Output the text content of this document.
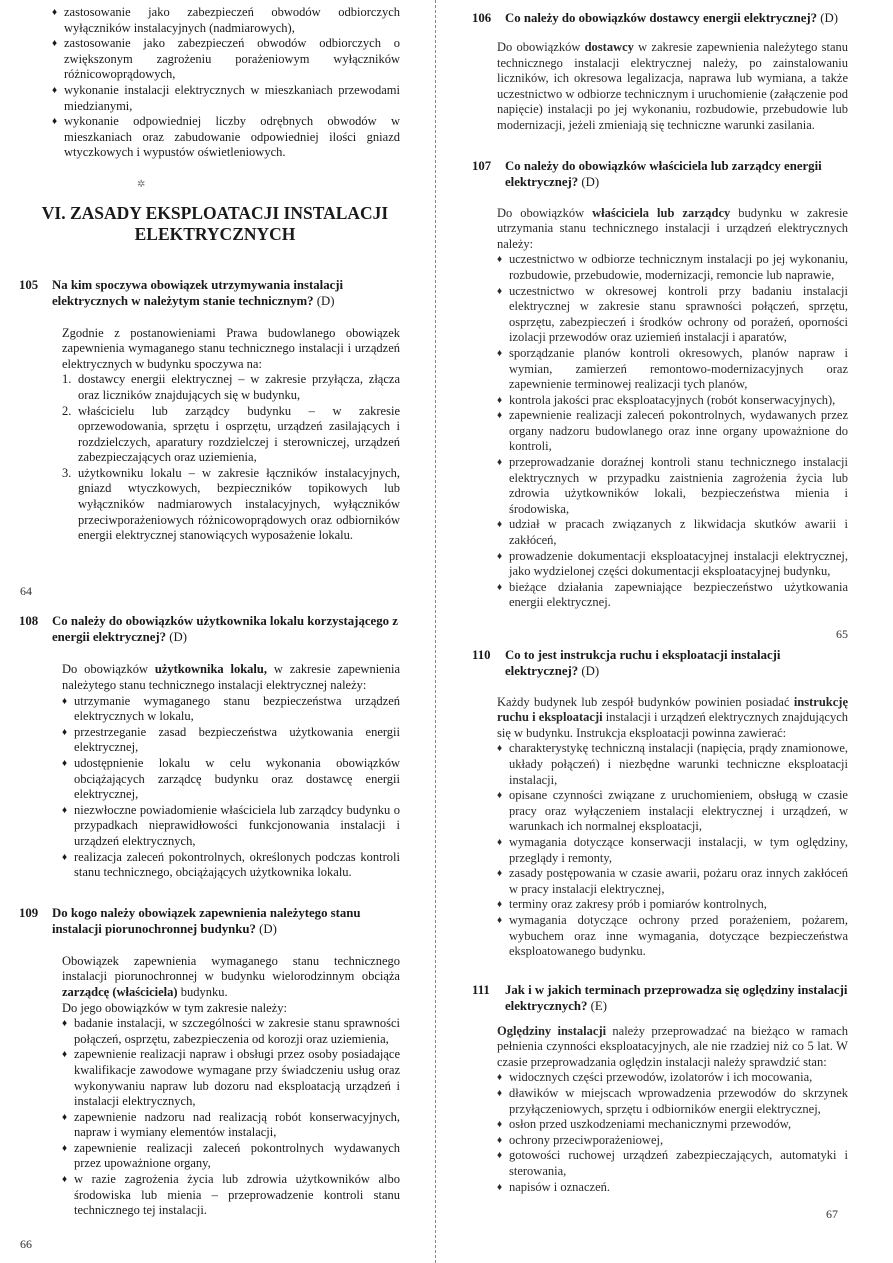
♦ zastosowanie jako zabezpieczeń obwodów odbiorczych wyłączników instalacyjnych (nadmiarowych),
♦ zastosowanie jako zabezpieczeń obwodów odbiorczych o zwiększonym zagrożeniu porażeniowym wyłączników różnicowoprądowych,
♦ wykonanie instalacji elektrycznych w mieszkaniach przewodami miedzianymi,
♦ wykonanie odpowiedniej liczby odrębnych obwodów w mieszkaniach oraz zabudowanie odpowiedniej ilości gniazd wtyczkowych i wypustów oświetleniowych.
✲
VI. ZASADY EKSPLOATACJI INSTALACJI
ELEKTRYCZNYCH
105 Na kim spoczywa obowiązek utrzymywania instalacji elektrycznych w należytym stanie technicznym? (D)

Zgodnie z postanowieniami Prawa budowlanego obowiązek zapewnienia wymaganego stanu technicznego instalacji i urządzeń elektrycznych w budynku spoczywa na:

1. dostawcy energii elektrycznej – w zakresie przyłącza, złącza oraz liczników znajdujących się w budynku,
2. właścicielu lub zarządcy budynku – w zakresie oprzewodowania, sprzętu i osprzętu, urządzeń zasilających i rozdzielczych, aparatury rozdzielczej i sterowniczej, urządzeń zabezpieczających oraz uziemienia,
3. użytkowniku lokalu – w zakresie łączników instalacyjnych, gniazd wtyczkowych, bezpieczników topikowych lub wyłączników nadmiarowych instalacyjnych, wyłączników przeciwporażeniowych różnicowoprądowych oraz odbiorników energii elektrycznej stanowiących wyposażenie lokalu.
64
108 Co należy do obowiązków użytkownika lokalu korzystającego z energii elektrycznej? (D)

Do obowiązków użytkownika lokalu, w zakresie zapewnienia należytego stanu technicznego instalacji elektrycznej należy:

♦ utrzymanie wymaganego stanu bezpieczeństwa urządzeń elektrycznych w lokalu,
♦ przestrzeganie zasad bezpieczeństwa użytkowania energii elektrycznej,
♦ udostępnienie lokalu w celu wykonania obowiązków obciążających zarządcę budynku oraz dostawcę energii elektrycznej,
♦ niezwłoczne powiadomienie właściciela lub zarządcy budynku o przypadkach nieprawidłowości funkcjonowania instalacji i urządzeń elektrycznych,
♦ realizacja zaleceń pokontrolnych, określonych podczas kontroli stanu technicznego, obciążających użytkownika lokalu.
109 Do kogo należy obowiązek zapewnienia należytego stanu instalacji piorunochronnej budynku? (D)

Obowiązek zapewnienia wymaganego stanu technicznego instalacji piorunochronnej w budynku wielorodzinnym obciąża zarządcę (właściciela) budynku.

Do jego obowiązków w tym zakresie należy:

♦ badanie instalacji, w szczególności w zakresie stanu sprawności połączeń, osprzętu, zabezpieczenia od korozji oraz uziemienia,
♦ zapewnienie realizacji napraw i obsługi przez osoby posiadające kwalifikacje zawodowe wymagane przy świadczeniu usług oraz wykonywaniu napraw lub dozoru nad eksploatacją urządzeń i instalacji elektrycznych,
♦ zapewnienie nadzoru nad realizacją robót konserwacyjnych, napraw i wymiany elementów instalacji,
♦ zapewnienie realizacji zaleceń pokontrolnych wydawanych przez upoważnione organy,
♦ w razie zagrożenia życia lub zdrowia użytkowników albo środowiska lub mienia – przeprowadzenie kontroli stanu technicznego tej instalacji.
66
106 Co należy do obowiązków dostawcy energii elektrycznej? (D)

Do obowiązków dostawcy w zakresie zapewnienia należytego stanu technicznego instalacji elektrycznej należy, po zainstalowaniu liczników, ich okresowa legalizacja, naprawa lub wymiana, a także uczestnictwo w odbiorze technicznym i uruchomienie (załączenie pod napięcie) instalacji po jej wykonaniu, rozbudowie, przebudowie lub modernizacji, jeżeli zmieniają się techniczne warunki zasilania.

107 Co należy do obowiązków właściciela lub zarządcy energii elektrycznej? (D)

Do obowiązków właściciela lub zarządcy budynku w zakresie utrzymania stanu technicznego instalacji i urządzeń elektrycznych należy:

♦ uczestnictwo w odbiorze technicznym instalacji po jej wykonaniu, rozbudowie, przebudowie, modernizacji, remoncie lub naprawie,
♦ uczestnictwo w okresowej kontroli przy badaniu instalacji elektrycznej w zakresie stanu sprawności połączeń, sprzętu, osprzętu, zabezpieczeń i środków ochrony od porażeń, oporności izolacji przewodów oraz uziemień instalacji i aparatów,
♦ sporządzanie planów kontroli okresowych, planów napraw i wymian, zamierzeń remontowo-modernizacyjnych oraz zapewnienie terminowej realizacji tych planów,
♦ kontrola jakości prac eksploatacyjnych (robót konserwacyjnych),
♦ zapewnienie realizacji zaleceń pokontrolnych, wydawanych przez organy nadzoru budowlanego oraz inne organy upoważnione do kontroli,
♦ przeprowadzanie doraźnej kontroli stanu technicznego instalacji elektrycznych w przypadku zaistnienia zagrożenia życia lub zdrowia użytkowników lokali, bezpieczeństwa mienia i środowiska,
♦ udział w pracach związanych z likwidacja skutków awarii i zakłóceń,
♦ prowadzenie dokumentacji eksploatacyjnej instalacji elektrycznej, jako wydzielonej części dokumentacji eksploatacyjnej budynku,
♦ bieżące działania zapewniające bezpieczeństwo użytkowania energii elektrycznej.
65
110 Co to jest instrukcja ruchu i eksploatacji instalacji elektrycznej? (D)

Każdy budynek lub zespół budynków powinien posiadać instrukcję ruchu i eksploatacji instalacji i urządzeń elektrycznych znajdujących się w budynku. Instrukcja eksploatacji powinna zawierać:

♦ charakterystykę techniczną instalacji (napięcia, prądy znamionowe, układy połączeń) i niezbędne warunki techniczne eksploatacji instalacji,
♦ opisane czynności związane z uruchomieniem, obsługą w czasie pracy oraz wyłączeniem instalacji elektrycznej i urządzeń, w warunkach ich normalnej eksploatacji,
♦ wymagania dotyczące konserwacji instalacji, w tym oględziny, przeglądy i remonty,
♦ zasady postępowania w czasie awarii, pożaru oraz innych zakłóceń w pracy instalacji elektrycznej,
♦ terminy oraz zakresy prób i pomiarów kontrolnych,
♦ wymagania dotyczące ochrony przed porażeniem, pożarem, wybuchem oraz inne wymagania, dotyczące bezpieczeństwa eksploatowanego budynku.
111 Jak i w jakich terminach przeprowadza się oględziny instalacji elektrycznych? (E)

Oględziny instalacji należy przeprowadzać na bieżąco w ramach pełnienia czynności eksploatacyjnych, ale nie rzadziej niż co 5 lat. W czasie przeprowadzania oględzin instalacji należy sprawdzić stan:

♦ widocznych części przewodów, izolatorów i ich mocowania,
♦ dławików w miejscach wprowadzenia przewodów do skrzynek przyłączeniowych, sprzętu i odbiorników energii elektrycznej,
♦ osłon przed uszkodzeniami mechanicznymi przewodów,
♦ ochrony przeciwporażeniowej,
♦ gotowości ruchowej urządzeń zabezpieczających, automatyki i sterowania,
♦ napisów i oznaczeń.
67
